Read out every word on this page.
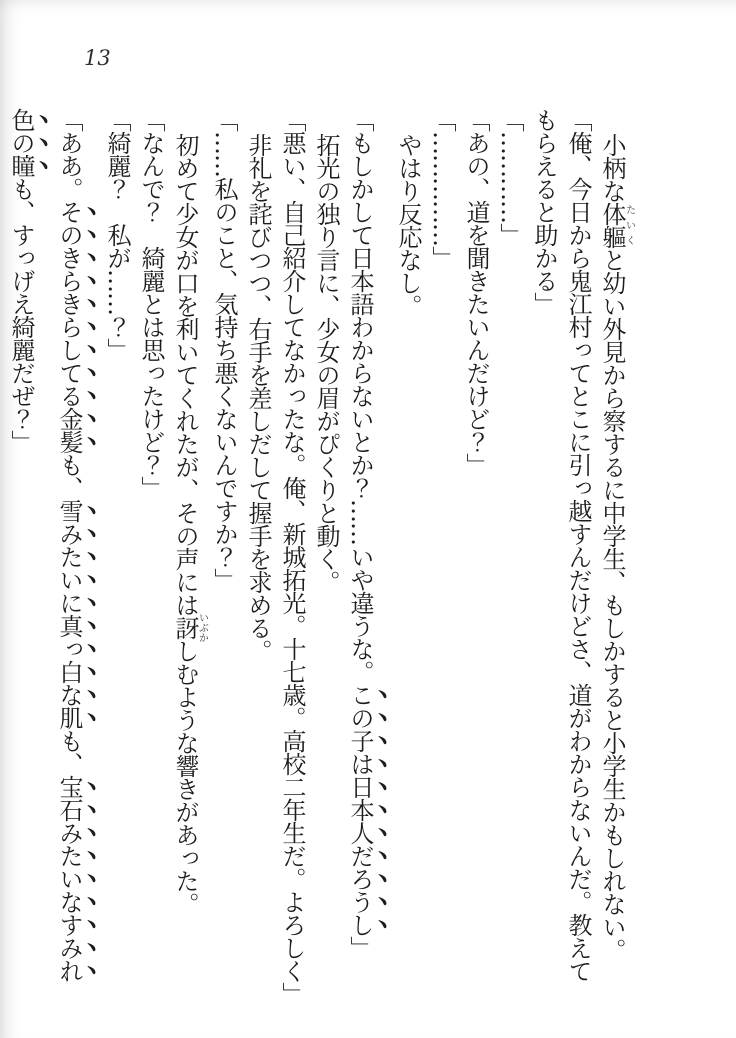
13
小柄な体軀たいくと幼い外見から察するに中学生、もしかすると小学生かもしれない。
「俺、今日から鬼江村ってとこに引っ越すんだけどさ、道がわからないんだ。教えて
もらえると助かる」
「…………」
「あの、道を聞きたいんだけど？」
「……………」
やはり反応なし。
「もしかして日本語わからないとか？……いや違うな。この子は日本人だろうし」
拓光の独り言に、少女の眉がぴくりと動く。
「悪い、自己紹介してなかったな。俺、新城拓光。十七歳。高校二年生だ。よろしく」
非礼を詫びつつ、右手を差しだして握手を求める。
「……私のこと、気持ち悪くないんですか？」
初めて少女が口を利いてくれたが、その声には訝いぶかしむような響きがあった。
「なんで？　綺麗とは思ったけど？」
「綺麗？　私が……？」
「ああ。そのきらきらしてる金髪も、雪みたいに真っ白な肌も、宝石みたいなすみれ
色の瞳も、すっげえ綺麗だぜ？」
